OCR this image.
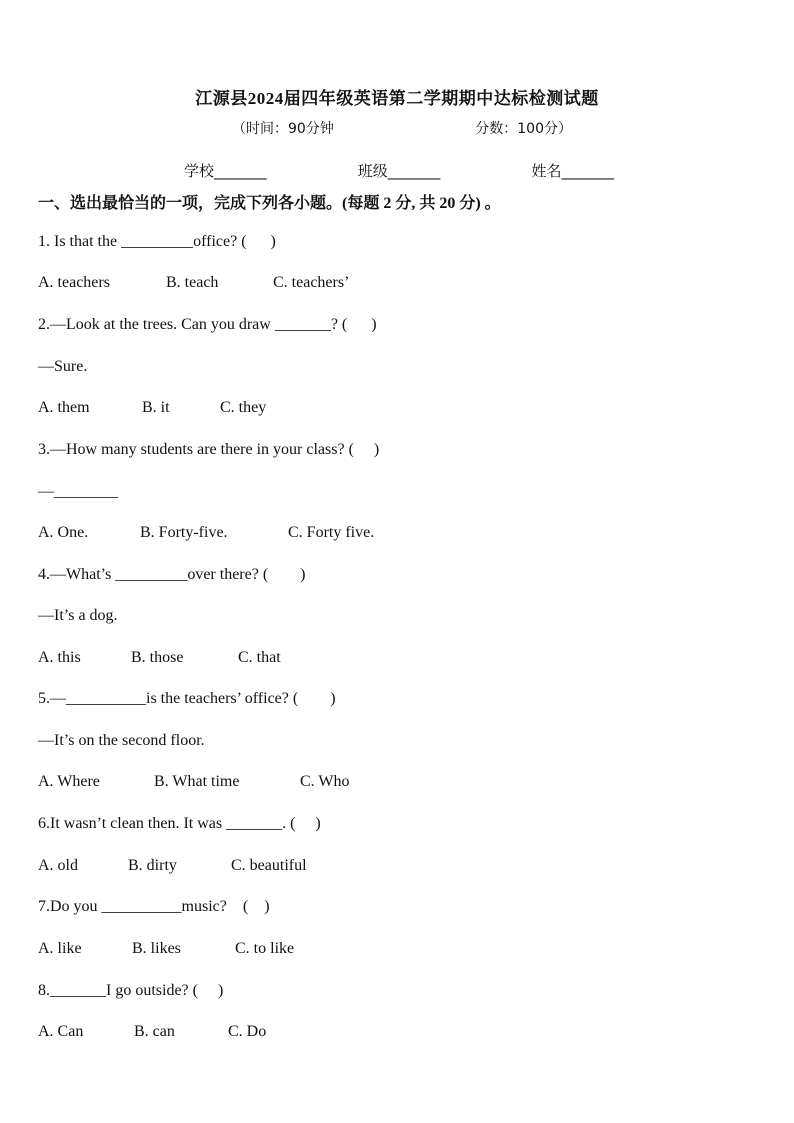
江源县2024届四年级英语第二学期期中达标检测试题
（时间：90分钟	分数：100分）
学校_______	班级_______	姓名_______
一、选出最恰当的一项，完成下列各小题。(每题 2 分, 共 20 分) 。
1. Is that the _________office? (      )
A. teachers	B. teach	C. teachers’
2.—Look at the trees. Can you draw _______? (      )
—Sure.
A. them	B. it	C. they
3.—How many students are there in your class? (     )
—________
A. One.	B. Forty-five.	C. Forty five.
4.—What’s _________over there? (        )
—It’s a dog.
A. this	B. those	C. that
5.—__________is the teachers’ office? (        )
—It’s on the second floor.
A. Where	B. What time	C. Who
6.It wasn’t clean then. It was _______. (     )
A. old	B. dirty	C. beautiful
7.Do you __________music?    (    )
A. like	B. likes	C. to like
8._______I go outside? (     )
A. Can	B. can	C. Do
